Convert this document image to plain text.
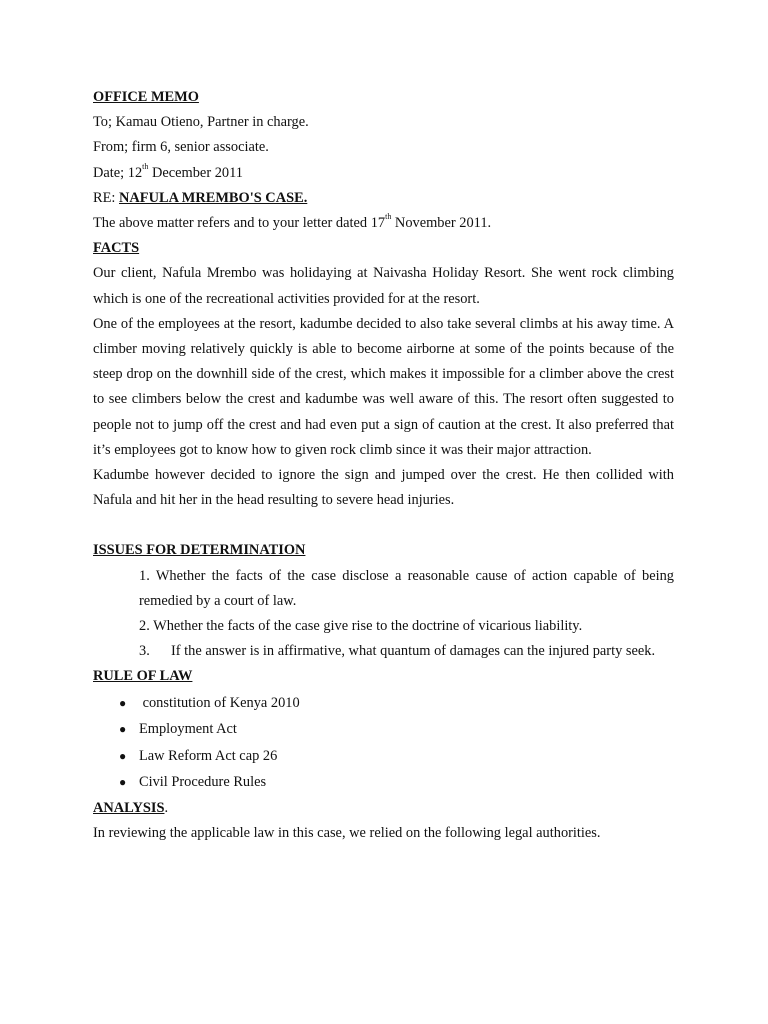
OFFICE MEMO
To; Kamau Otieno, Partner in charge.
From; firm 6, senior associate.
Date; 12th December 2011
RE: NAFULA MREMBO'S CASE.
The above matter refers and to your letter dated 17th November 2011.
FACTS
Our client, Nafula Mrembo was holidaying at Naivasha Holiday Resort. She went rock climbing which is one of the recreational activities provided for at the resort.
One of the employees at the resort, kadumbe decided to also take several climbs at his away time. A climber moving relatively quickly is able to become airborne at some of the points because of the steep drop on the downhill side of the crest, which makes it impossible for a climber above the crest to see climbers below the crest and kadumbe was well aware of this. The resort often suggested to people not to jump off the crest and had even put a sign of caution at the crest. It also preferred that it’s employees got to know how to given rock climb since it was their major attraction.
Kadumbe however decided to ignore the sign and jumped over the crest. He then collided with Nafula and hit her in the head resulting to severe head injuries.
ISSUES FOR DETERMINATION
1. Whether the facts of the case disclose a reasonable cause of action capable of being remedied by a court of law.
2. Whether the facts of the case give rise to the doctrine of vicarious liability.
3. If the answer is in affirmative, what quantum of damages can the injured party seek.
RULE OF LAW
● constitution of Kenya 2010
● Employment Act
● Law Reform Act cap 26
● Civil Procedure Rules
ANALYSIS.
In reviewing the applicable law in this case, we relied on the following legal authorities.
